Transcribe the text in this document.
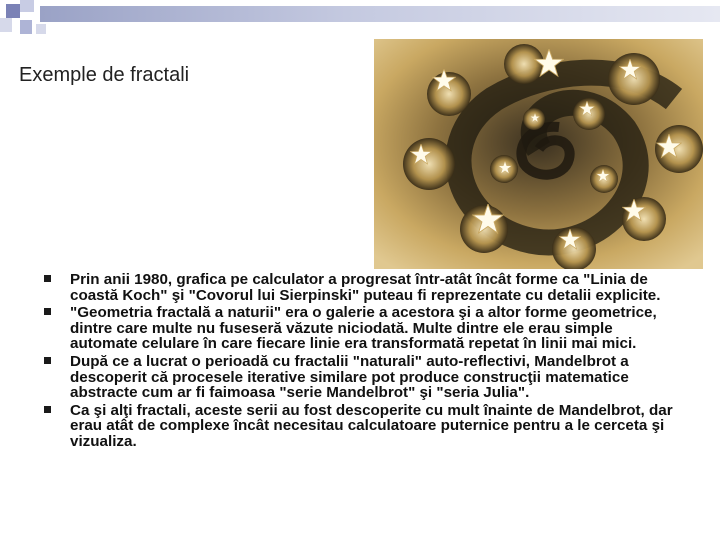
Exemple de fractali
Prin anii 1980, grafica pe calculator a progresat într-atât încât forme ca "Linia de coastă Koch" şi "Covorul lui Sierpinski" puteau fi reprezentate cu detalii explicite.
"Geometria fractală a naturii" era o galerie a acestora şi a altor forme geometrice, dintre care multe nu fuseseră văzute niciodată. Multe dintre ele erau simple automate celulare în care fiecare linie era transformată repetat în linii mai mici.
După ce a lucrat o perioadă cu fractalii "naturali" auto-reflectivi, Mandelbrot a descoperit că procesele iterative similare pot produce construcţii matematice abstracte cum ar fi faimoasa "serie Mandelbrot" şi "seria Julia".
Ca şi alţi fractali, aceste serii au fost descoperite cu mult înainte de Mandelbrot, dar erau atât de complexe încât necesitau calculatoare puternice pentru a le cerceta şi vizualiza.
